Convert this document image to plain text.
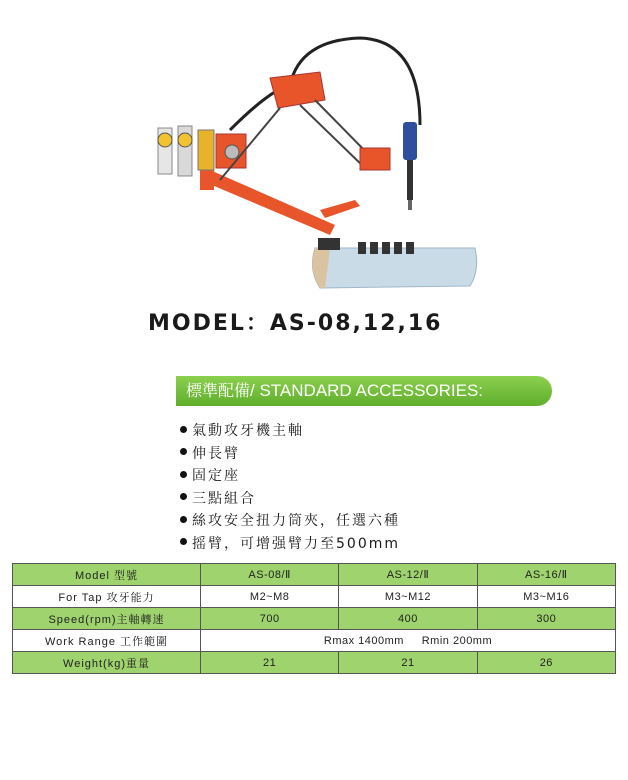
MODEL：AS-08,12,16
標準配備/ STANDARD ACCESSORIES:
氣動攻牙機主軸
伸長臂
固定座
三點組合
絲攻安全扭力筒夾，任選六種
摇臂，可增强臂力至500mm
Model 型號	AS-08/Ⅱ	AS-12/Ⅱ	AS-16/Ⅱ
For Tap 攻牙能力	M2~M8	M3~M12	M3~M16
Speed(rpm)主軸轉速	700	400	300
Work Range 工作範圍	Rmax 1400mm     Rmin 200mm		
Weight(kg)重量	21	21	26
